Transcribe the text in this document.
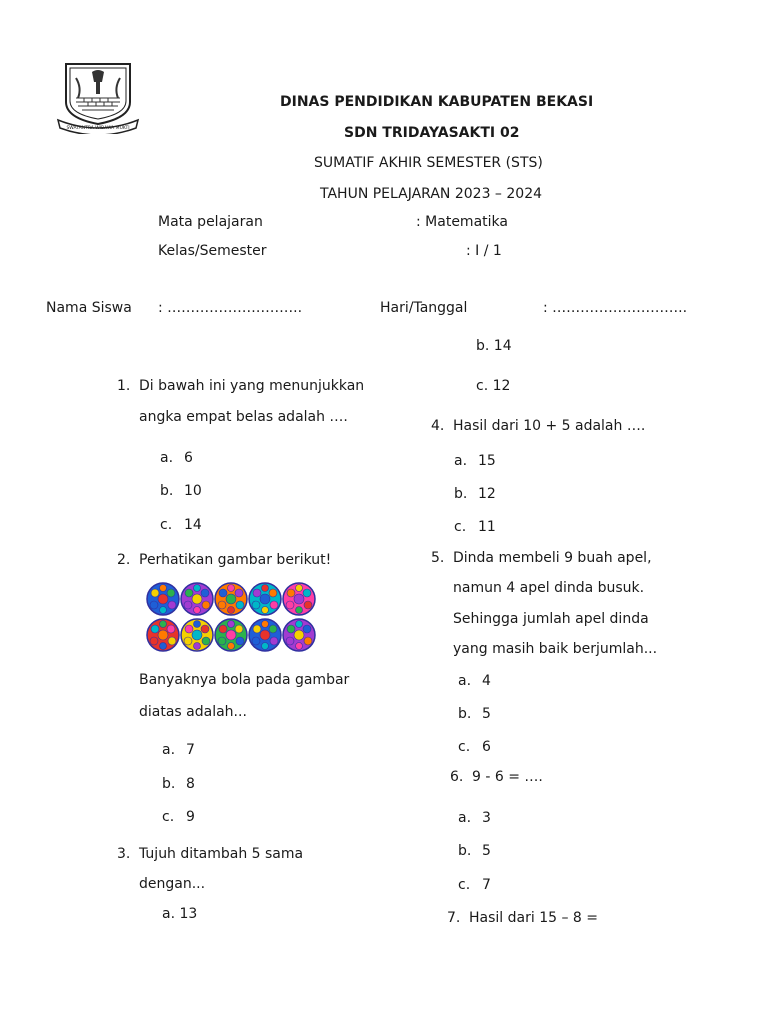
SWATANTRA WIBAWA MUKTI
DINAS PENDIDIKAN KABUPATEN BEKASI
SDN TRIDAYASAKTI 02
SUMATIF AKHIR SEMESTER (STS)
TAHUN PELAJARAN 2023 – 2024
Mata pelajaran	: Matematika
Kelas/Semester	: I / 1
Nama Siswa : ………………………..	Hari/Tanggal	: ………………………..
1. Di bawah ini yang menunjukkan
angka empat belas adalah ….
a. 6
b. 10
c. 14
2. Perhatikan gambar berikut!
Banyaknya bola pada gambar
diatas adalah...
a. 7
b. 8
c. 9
3. Tujuh ditambah 5 sama
dengan...
a. 13
b. 14
c. 12
4. Hasil dari 10 + 5 adalah ….
a. 15
b. 12
c. 11
5. Dinda membeli 9 buah apel,
namun 4 apel dinda busuk.
Sehingga jumlah apel dinda
yang masih baik berjumlah...
a. 4
b. 5
c. 6
6. 9 - 6 = ….
a. 3
b. 5
c. 7
7. Hasil dari 15 – 8 =
